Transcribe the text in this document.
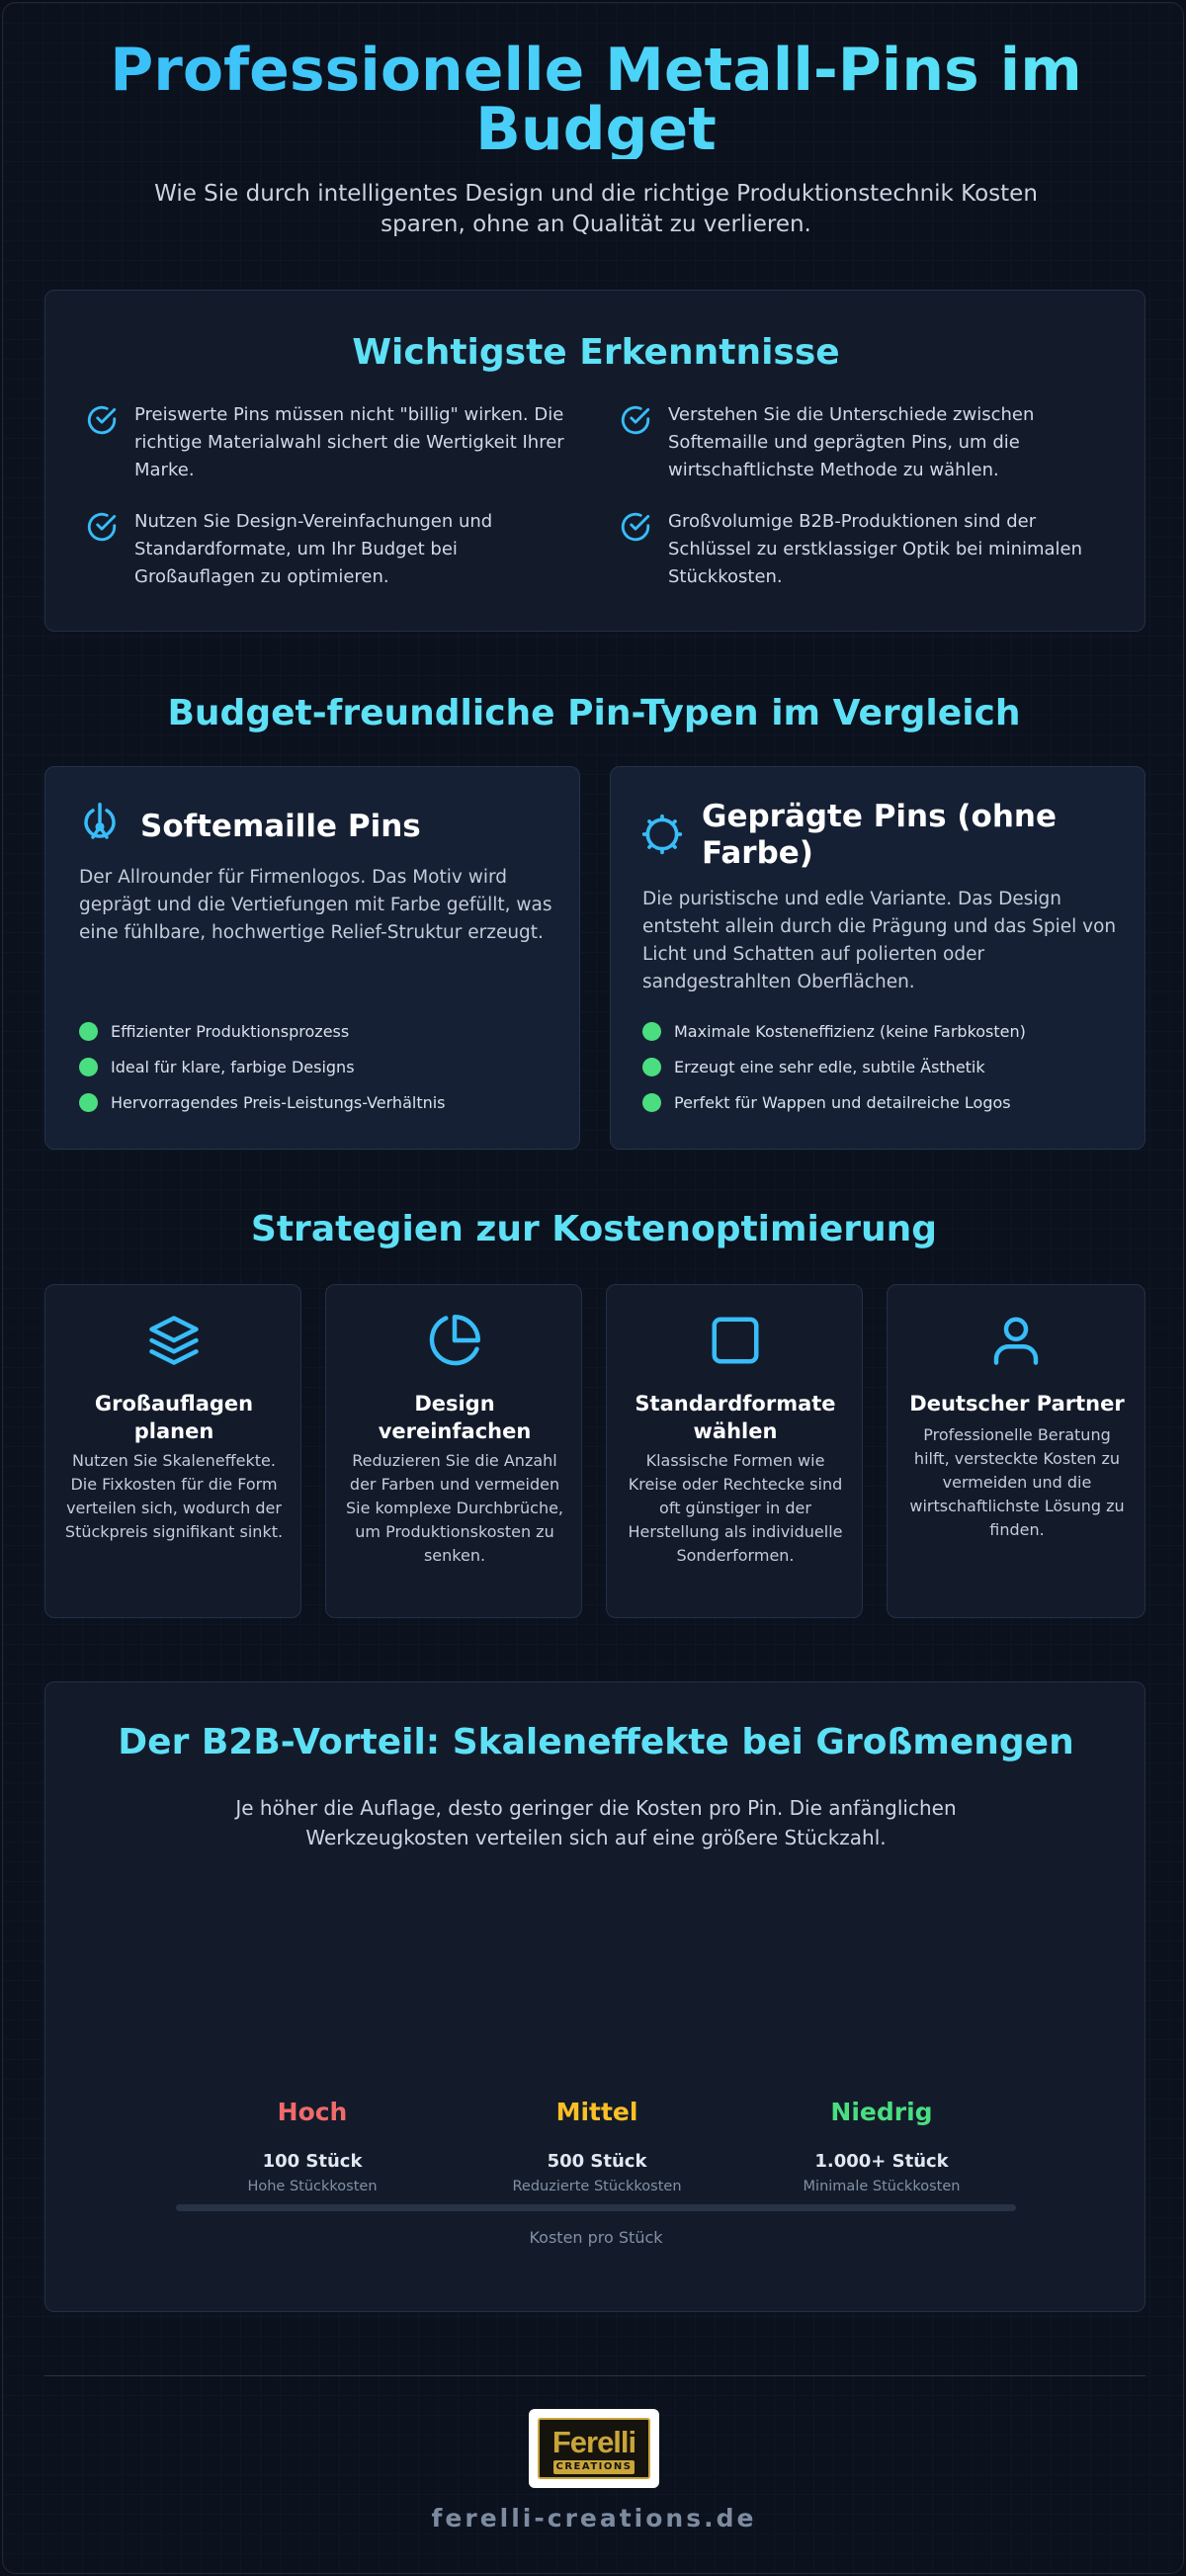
Professionelle Metall-Pins im Budget
Wie Sie durch intelligentes Design und die richtige Produktionstechnik Kosten sparen, ohne an Qualität zu verlieren.
Wichtigste Erkenntnisse
Preiswerte Pins müssen nicht "billig" wirken. Die richtige Materialwahl sichert die Wertigkeit Ihrer Marke.
Verstehen Sie die Unterschiede zwischen Softemaille und geprägten Pins, um die wirtschaftlichste Methode zu wählen.
Nutzen Sie Design-Vereinfachungen und Standardformate, um Ihr Budget bei Großauflagen zu optimieren.
Großvolumige B2B-Produktionen sind der Schlüssel zu erstklassiger Optik bei minimalen Stückkosten.
Budget-freundliche Pin-Typen im Vergleich
Softemaille Pins
Der Allrounder für Firmenlogos. Das Motiv wird geprägt und die Vertiefungen mit Farbe gefüllt, was eine fühlbare, hochwertige Relief-Struktur erzeugt.
Effizienter Produktionsprozess
Ideal für klare, farbige Designs
Hervorragendes Preis-Leistungs-Verhältnis
Geprägte Pins (ohne Farbe)
Die puristische und edle Variante. Das Design entsteht allein durch die Prägung und das Spiel von Licht und Schatten auf polierten oder sandgestrahlten Oberflächen.
Maximale Kosteneffizienz (keine Farbkosten)
Erzeugt eine sehr edle, subtile Ästhetik
Perfekt für Wappen und detailreiche Logos
Strategien zur Kostenoptimierung
Großauflagen planen
Nutzen Sie Skaleneffekte. Die Fixkosten für die Form verteilen sich, wodurch der Stückpreis signifikant sinkt.
Design vereinfachen
Reduzieren Sie die Anzahl der Farben und vermeiden Sie komplexe Durchbrüche, um Produktionskosten zu senken.
Standardformate wählen
Klassische Formen wie Kreise oder Rechtecke sind oft günstiger in der Herstellung als individuelle Sonderformen.
Deutscher Partner
Professionelle Beratung hilft, versteckte Kosten zu vermeiden und die wirtschaftlichste Lösung zu finden.
Der B2B-Vorteil: Skaleneffekte bei Großmengen
Je höher die Auflage, desto geringer die Kosten pro Pin. Die anfänglichen Werkzeugkosten verteilen sich auf eine größere Stückzahl.
Hoch
100 Stück
Hohe Stückkosten
Mittel
500 Stück
Reduzierte Stückkosten
Niedrig
1.000+ Stück
Minimale Stückkosten
Kosten pro Stück
Ferelli
CREATIONS
ferelli-creations.de
